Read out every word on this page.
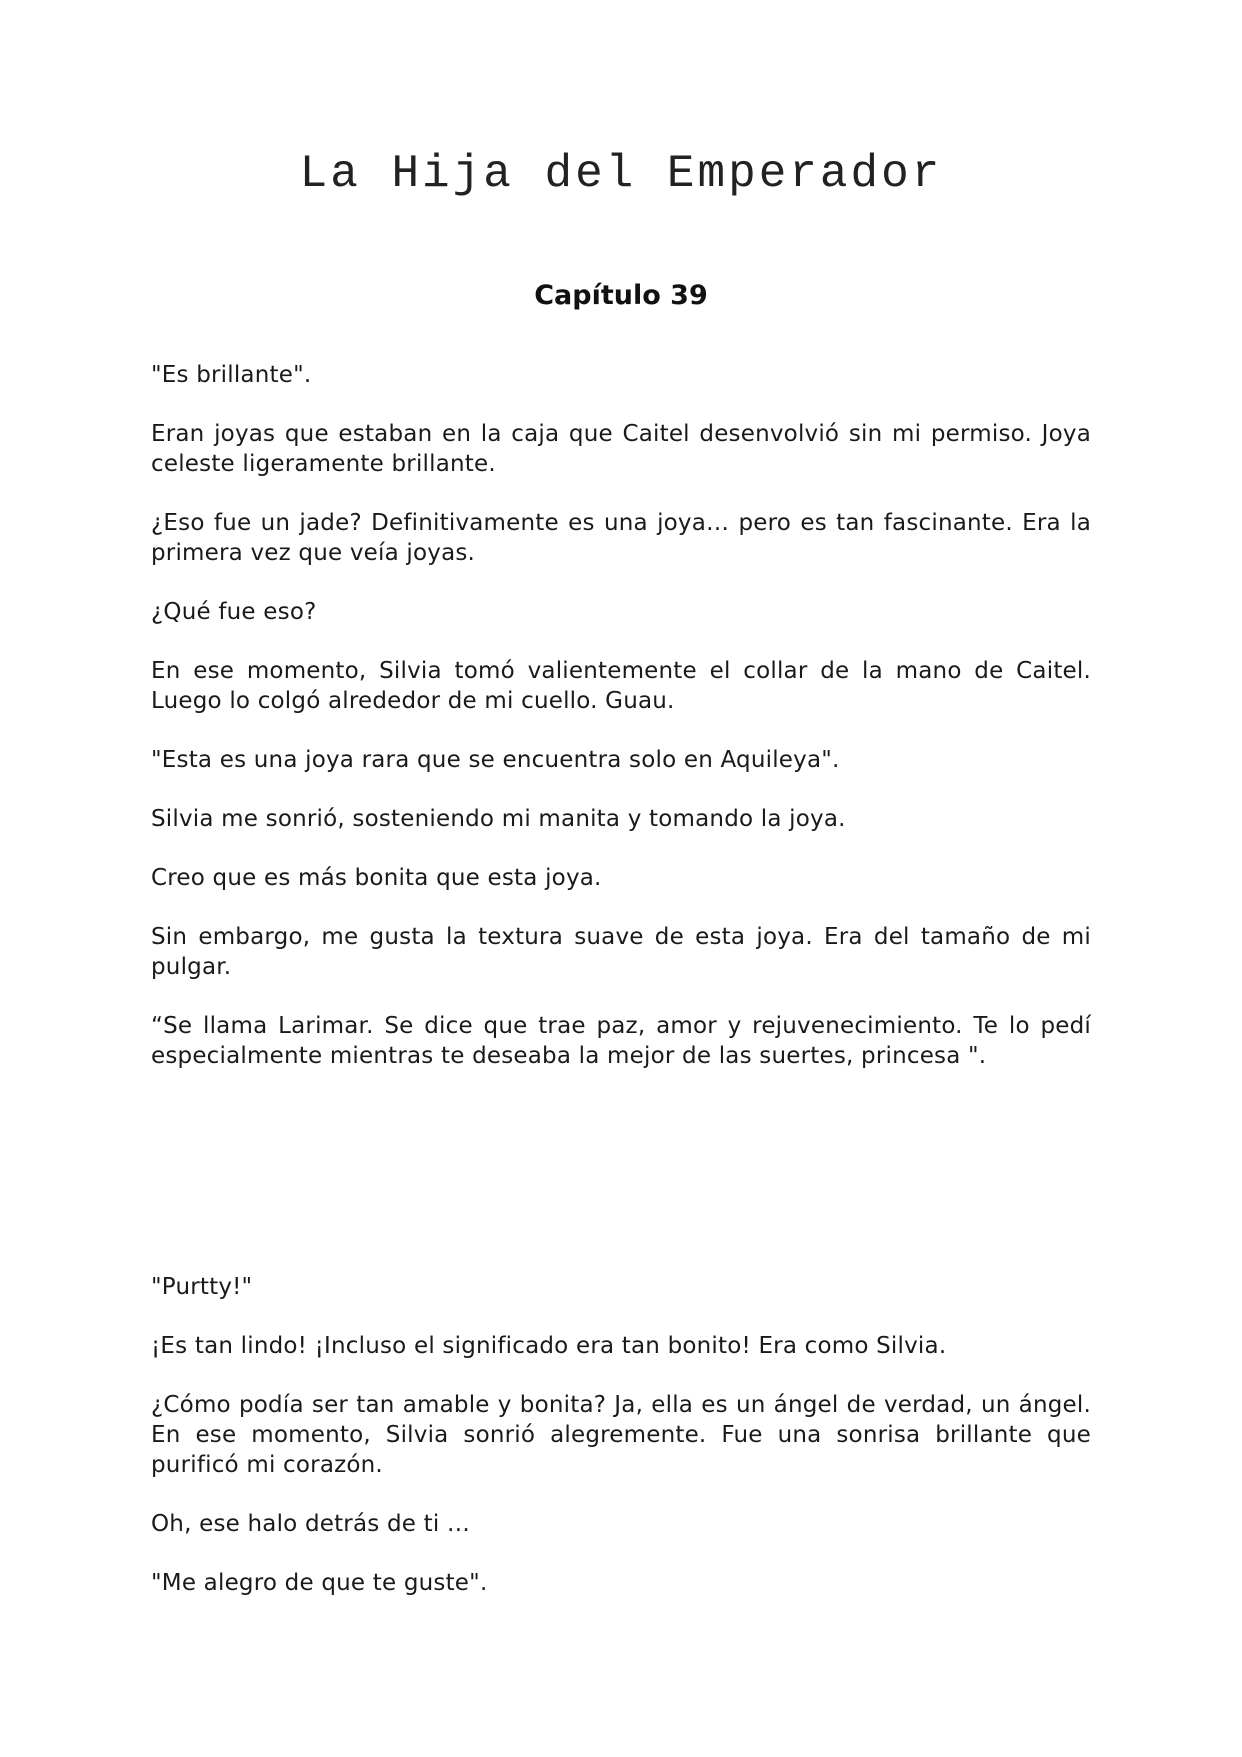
La Hija del Emperador
Capítulo 39

"Es brillante".

Eran joyas que estaban en la caja que Caitel desenvolvió sin mi permiso. Joya celeste ligeramente brillante.

¿Eso fue un jade? Definitivamente es una joya… pero es tan fascinante. Era la primera vez que veía joyas.

¿Qué fue eso?

En ese momento, Silvia tomó valientemente el collar de la mano de Caitel. Luego lo colgó alrededor de mi cuello. Guau.

"Esta es una joya rara que se encuentra solo en Aquileya".

Silvia me sonrió, sosteniendo mi manita y tomando la joya.

Creo que es más bonita que esta joya.

Sin embargo, me gusta la textura suave de esta joya. Era del tamaño de mi pulgar.

“Se llama Larimar. Se dice que trae paz, amor y rejuvenecimiento. Te lo pedí especialmente mientras te deseaba la mejor de las suertes, princesa ".

"Purtty!"

¡Es tan lindo! ¡Incluso el significado era tan bonito! Era como Silvia.

¿Cómo podía ser tan amable y bonita? Ja, ella es un ángel de verdad, un ángel. En ese momento, Silvia sonrió alegremente. Fue una sonrisa brillante que purificó mi corazón.

Oh, ese halo detrás de ti …

"Me alegro de que te guste".
